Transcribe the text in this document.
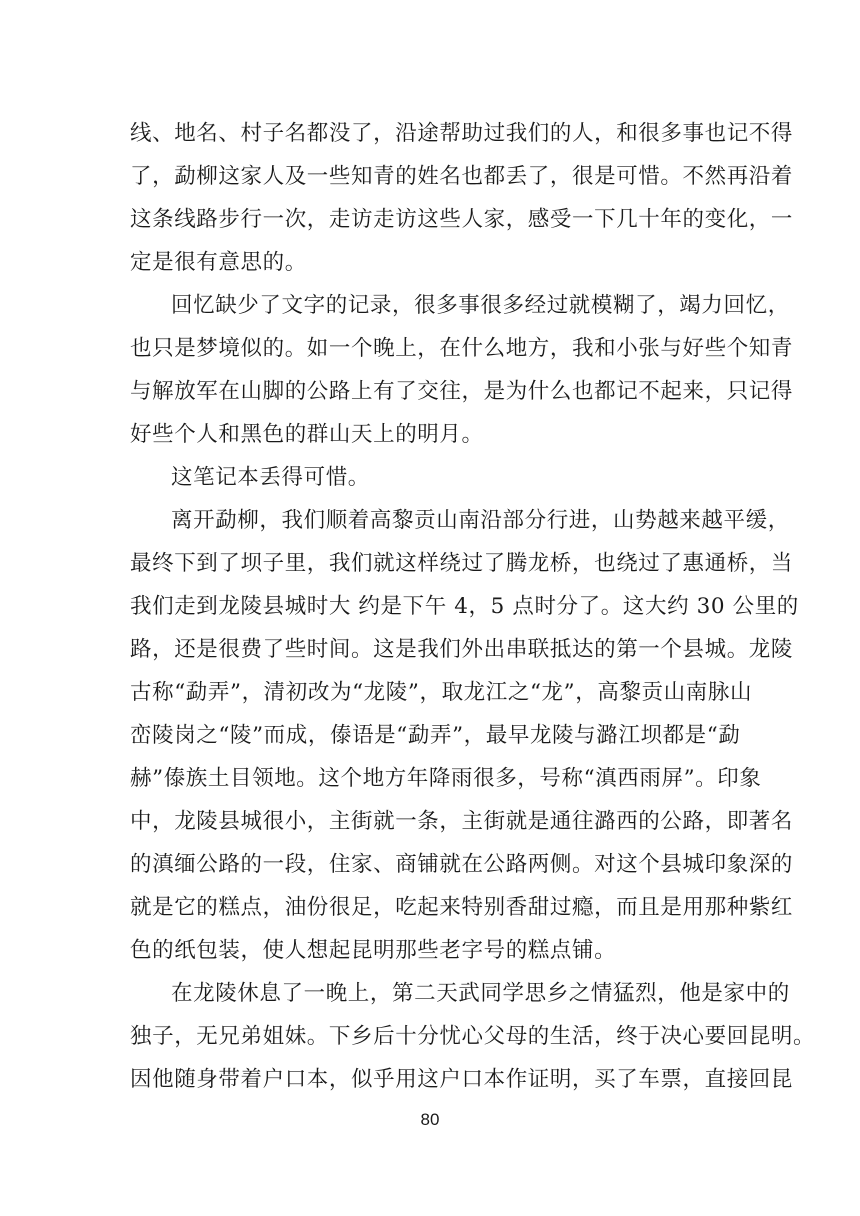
线、地名、村子名都没了，沿途帮助过我们的人，和很多事也记不得
了，勐柳这家人及一些知青的姓名也都丢了，很是可惜。不然再沿着
这条线路步行一次，走访走访这些人家，感受一下几十年的变化，一
定是很有意思的。
回忆缺少了文字的记录，很多事很多经过就模糊了，竭力回忆，
也只是梦境似的。如一个晚上，在什么地方，我和小张与好些个知青
与解放军在山脚的公路上有了交往，是为什么也都记不起来，只记得
好些个人和黑色的群山天上的明月。
这笔记本丢得可惜。
离开勐柳，我们顺着高黎贡山南沿部分行进，山势越来越平缓，
最终下到了坝子里，我们就这样绕过了腾龙桥，也绕过了惠通桥，当
我们走到龙陵县城时大 约是下午 4，5 点时分了。这大约 30 公里的
路，还是很费了些时间。这是我们外出串联抵达的第一个县城。龙陵
古称“勐弄”，清初改为“龙陵”，取龙江之“龙”，高黎贡山南脉山
峦陵岗之“陵”而成，傣语是“勐弄”，最早龙陵与潞江坝都是“勐
赫”傣族土目领地。这个地方年降雨很多，号称“滇西雨屏”。印象
中，龙陵县城很小，主街就一条，主街就是通往潞西的公路，即著名
的滇缅公路的一段，住家、商铺就在公路两侧。对这个县城印象深的
就是它的糕点，油份很足，吃起来特别香甜过瘾，而且是用那种紫红
色的纸包装，使人想起昆明那些老字号的糕点铺。
在龙陵休息了一晚上，第二天武同学思乡之情猛烈，他是家中的
独子，无兄弟姐妹。下乡后十分忧心父母的生活，终于决心要回昆明。
因他随身带着户口本，似乎用这户口本作证明，买了车票，直接回昆
80
